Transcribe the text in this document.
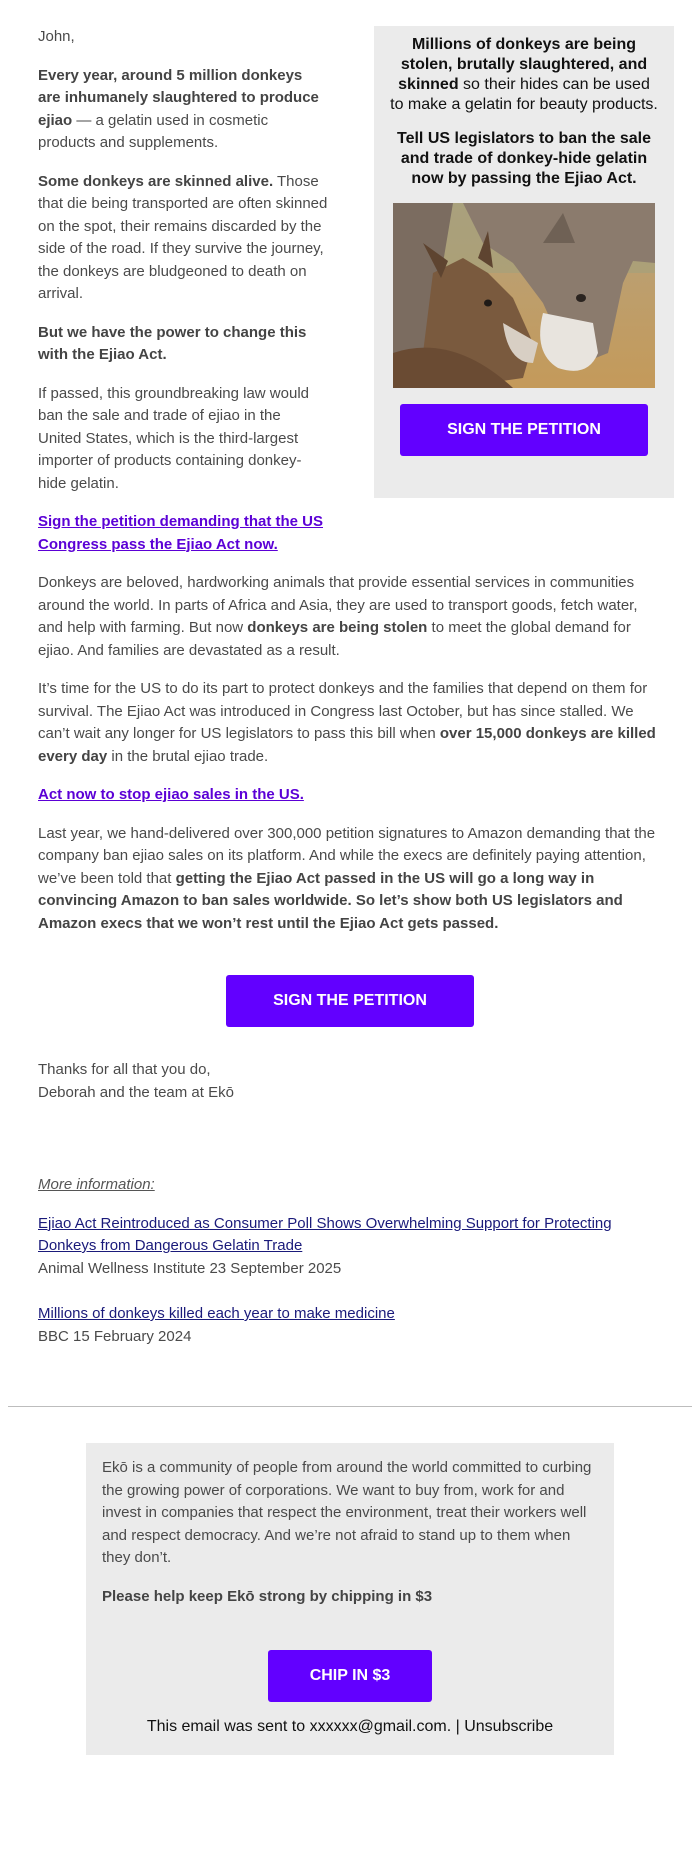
John,

Every year, around 5 million donkeys are inhumanely slaughtered to produce ejiao — a gelatin used in cosmetic products and supplements.

Some donkeys are skinned alive. Those that die being transported are often skinned on the spot, their remains discarded by the side of the road. If they survive the journey, the donkeys are bludgeoned to death on arrival.

But we have the power to change this with the Ejiao Act.

If passed, this groundbreaking law would ban the sale and trade of ejiao in the United States, which is the third-largest importer of products containing donkey-hide gelatin.

Sign the petition demanding that the US Congress pass the Ejiao Act now.

Millions of donkeys are being stolen, brutally slaughtered, and skinned so their hides can be used to make a gelatin for beauty products.

Tell US legislators to ban the sale and trade of donkey-hide gelatin now by passing the Ejiao Act.

SIGN THE PETITION

Donkeys are beloved, hardworking animals that provide essential services in communities around the world. In parts of Africa and Asia, they are used to transport goods, fetch water, and help with farming. But now donkeys are being stolen to meet the global demand for ejiao. And families are devastated as a result.

It’s time for the US to do its part to protect donkeys and the families that depend on them for survival. The Ejiao Act was introduced in Congress last October, but has since stalled. We can’t wait any longer for US legislators to pass this bill when over 15,000 donkeys are killed every day in the brutal ejiao trade.

Act now to stop ejiao sales in the US.

Last year, we hand-delivered over 300,000 petition signatures to Amazon demanding that the company ban ejiao sales on its platform. And while the execs are definitely paying attention, we’ve been told that getting the Ejiao Act passed in the US will go a long way in convincing Amazon to ban sales worldwide. So let’s show both US legislators and Amazon execs that we won’t rest until the Ejiao Act gets passed.

SIGN THE PETITION

Thanks for all that you do,
Deborah and the team at Ekō

More information:

Ejiao Act Reintroduced as Consumer Poll Shows Overwhelming Support for Protecting Donkeys from Dangerous Gelatin Trade
Animal Wellness Institute 23 September 2025

Millions of donkeys killed each year to make medicine
BBC 15 February 2024

Ekō is a community of people from around the world committed to curbing the growing power of corporations. We want to buy from, work for and invest in companies that respect the environment, treat their workers well and respect democracy. And we’re not afraid to stand up to them when they don’t.

Please help keep Ekō strong by chipping in $3

CHIP IN $3
This email was sent to xxxxxx@gmail.com. | Unsubscribe
